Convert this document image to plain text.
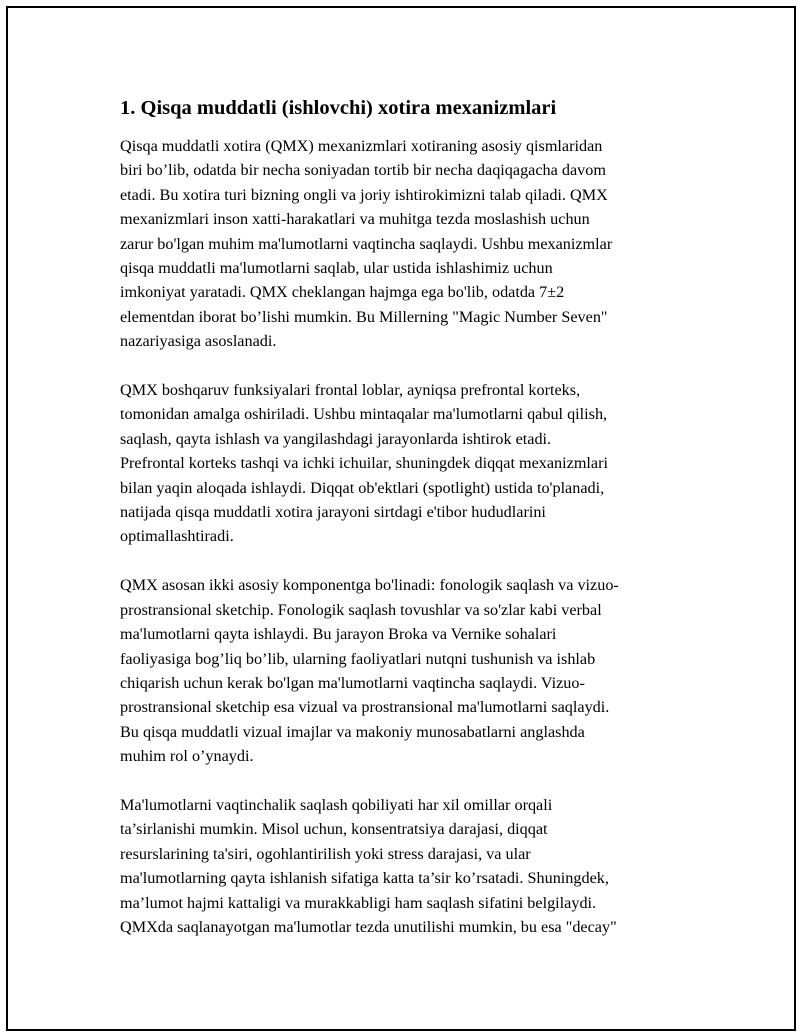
1. Qisqa muddatli (ishlovchi) xotira mexanizmlari
Qisqa muddatli xotira (QMX) mexanizmlari xotiraning asosiy qismlaridan
biri bo’lib, odatda bir necha soniyadan tortib bir necha daqiqagacha davom
etadi. Bu xotira turi bizning ongli va joriy ishtirokimizni talab qiladi. QMX
mexanizmlari inson xatti-harakatlari va muhitga tezda moslashish uchun
zarur bo'lgan muhim ma'lumotlarni vaqtincha saqlaydi. Ushbu mexanizmlar
qisqa muddatli ma'lumotlarni saqlab, ular ustida ishlashimiz uchun
imkoniyat yaratadi. QMX cheklangan hajmga ega bo'lib, odatda 7±2
elementdan iborat bo’lishi mumkin. Bu Millerning "Magic Number Seven"
nazariyasiga asoslanadi.
QMX boshqaruv funksiyalari frontal loblar, ayniqsa prefrontal korteks,
tomonidan amalga oshiriladi. Ushbu mintaqalar ma'lumotlarni qabul qilish,
saqlash, qayta ishlash va yangilashdagi jarayonlarda ishtirok etadi.
Prefrontal korteks tashqi va ichki ichuilar, shuningdek diqqat mexanizmlari
bilan yaqin aloqada ishlaydi. Diqqat ob'ektlari (spotlight) ustida to'planadi,
natijada qisqa muddatli xotira jarayoni sirtdagi e'tibor hududlarini
optimallashtiradi.
QMX asosan ikki asosiy komponentga bo'linadi: fonologik saqlash va vizuo-
prostransional sketchip. Fonologik saqlash tovushlar va so'zlar kabi verbal
ma'lumotlarni qayta ishlaydi. Bu jarayon Broka va Vernike sohalari
faoliyasiga bog’liq bo’lib, ularning faoliyatlari nutqni tushunish va ishlab
chiqarish uchun kerak bo'lgan ma'lumotlarni vaqtincha saqlaydi. Vizuo-
prostransional sketchip esa vizual va prostransional ma'lumotlarni saqlaydi.
Bu qisqa muddatli vizual imajlar va makoniy munosabatlarni anglashda
muhim rol o’ynaydi.
Ma'lumotlarni vaqtinchalik saqlash qobiliyati har xil omillar orqali
ta’sirlanishi mumkin. Misol uchun, konsentratsiya darajasi, diqqat
resurslarining ta'siri, ogohlantirilish yoki stress darajasi, va ular
ma'lumotlarning qayta ishlanish sifatiga katta ta’sir ko’rsatadi. Shuningdek,
ma’lumot hajmi kattaligi va murakkabligi ham saqlash sifatini belgilaydi.
QMXda saqlanayotgan ma'lumotlar tezda unutilishi mumkin, bu esa "decay"
